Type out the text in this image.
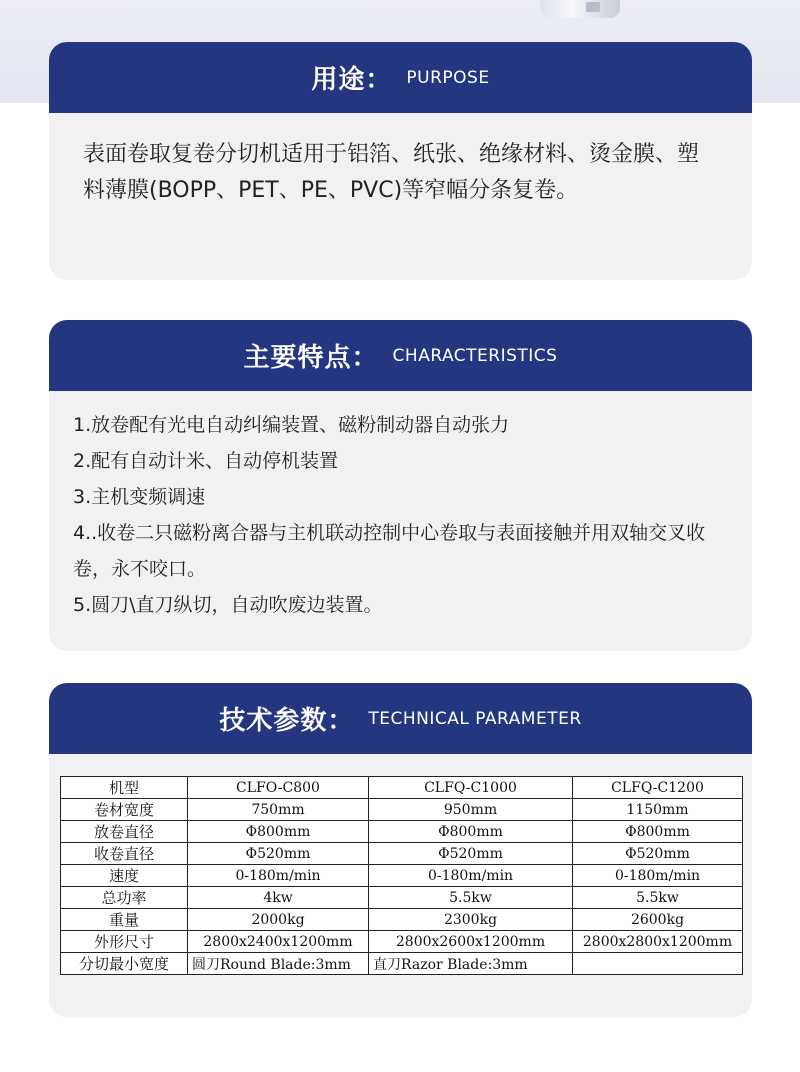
用途： PURPOSE
表面卷取复卷分切机适用于铝箔、纸张、绝缘材料、烫金膜、塑料薄膜(BOPP、PET、PE、PVC)等窄幅分条复卷。
主要特点： CHARACTERISTICS
1.放卷配有光电自动纠编装置、磁粉制动器自动张力
2.配有自动计米、自动停机装置
3.主机变频调速
4..收卷二只磁粉离合器与主机联动控制中心卷取与表面接触并用双轴交叉收卷，永不咬口。
5.圆刀\直刀纵切，自动吹废边装置。
技术参数： TECHNICAL PARAMETER
机型	CLFO-C800	CLFQ-C1000	CLFQ-C1200
卷材宽度	750mm	950mm	1150mm
放卷直径	Φ800mm	Φ800mm	Φ800mm
收卷直径	Φ520mm	Φ520mm	Φ520mm
速度	0-180m/min	0-180m/min	0-180m/min
总功率	4kw	5.5kw	5.5kw
重量	2000kg	2300kg	2600kg
外形尺寸	2800x2400x1200mm	2800x2600x1200mm	2800x2800x1200mm
分切最小宽度	圆刀Round Blade:3mm	直刀Razor Blade:3mm	
